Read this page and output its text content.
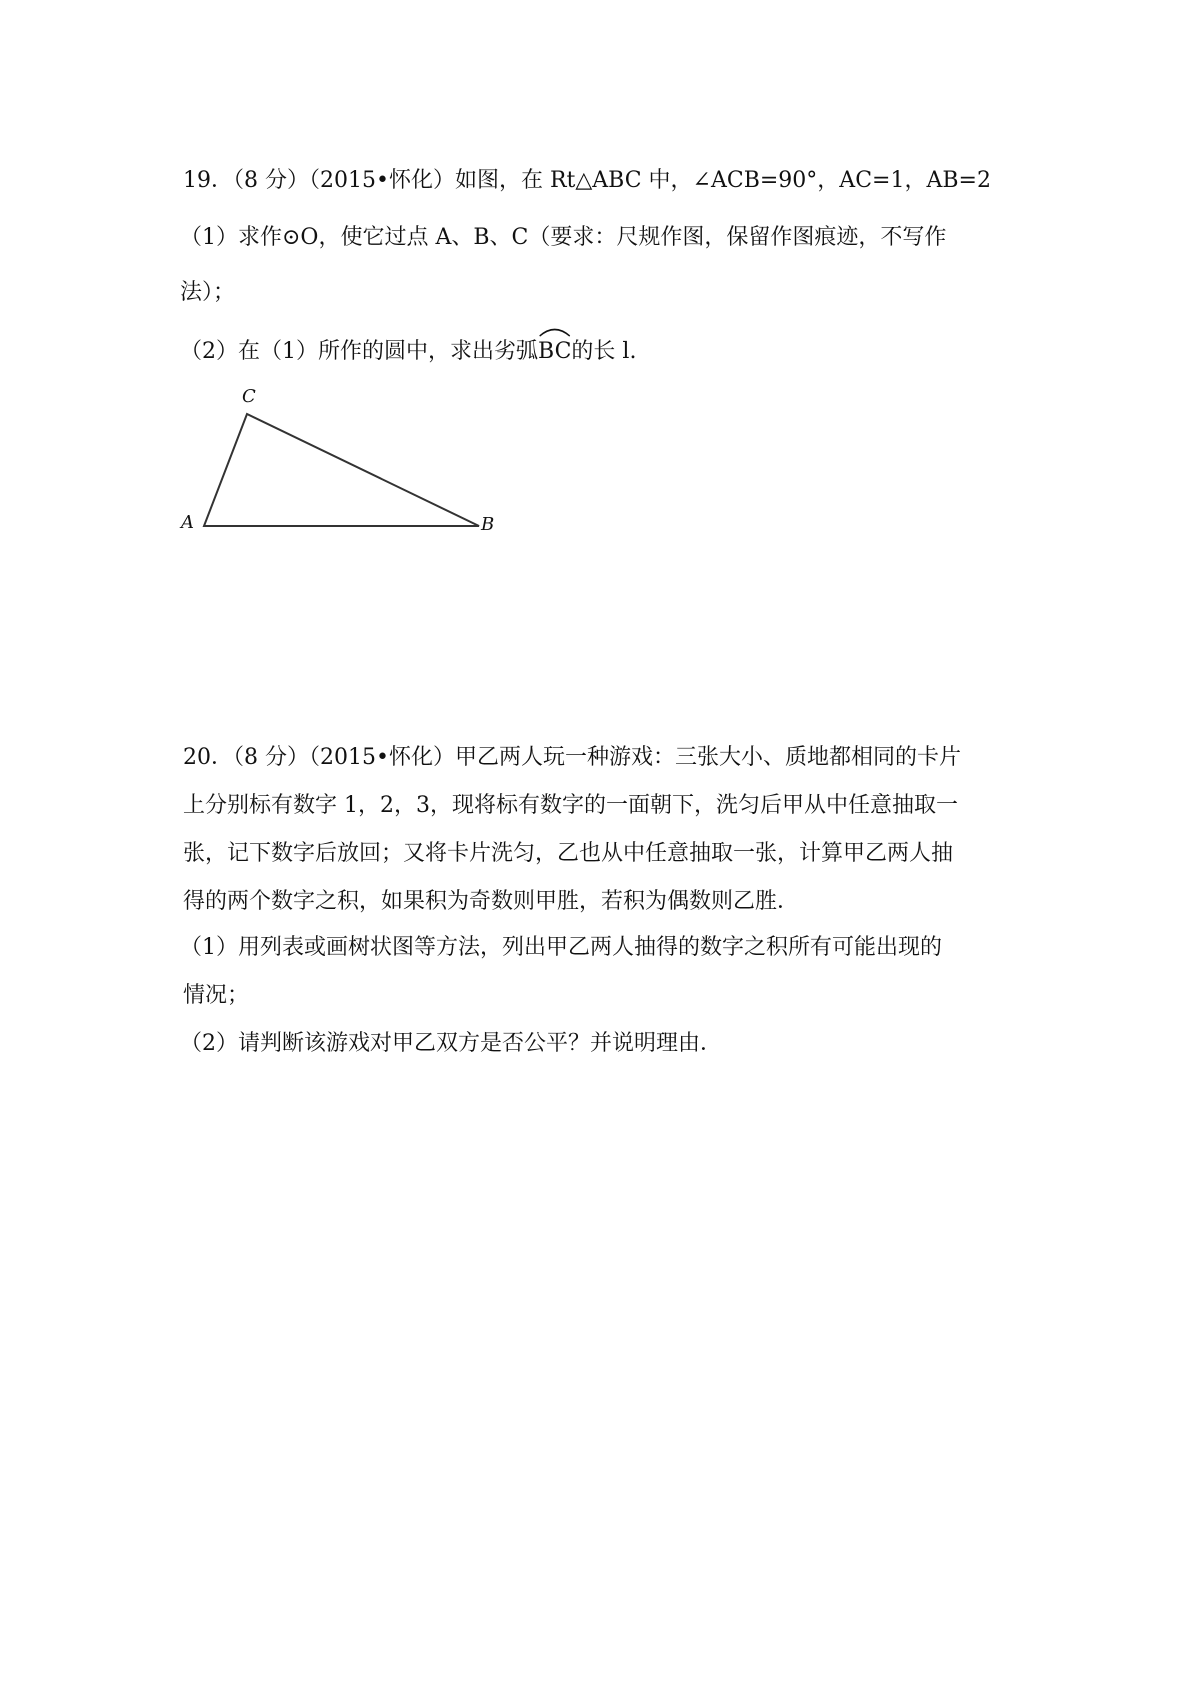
19．（8 分）（2015•怀化）如图，在 Rt△ABC 中，∠ACB=90°，AC=1，AB=2
（1）求作⊙O，使它过点 A、B、C（要求：尺规作图，保留作图痕迹，不写作
法）；
（2）在（1）所作的圆中，求出劣弧
BC的长 l.
A	B
C
20．（8 分）（2015•怀化）甲乙两人玩一种游戏：三张大小、质地都相同的卡片
上分别标有数字 1，2，3，现将标有数字的一面朝下，洗匀后甲从中任意抽取一
张，记下数字后放回；又将卡片洗匀，乙也从中任意抽取一张，计算甲乙两人抽
得的两个数字之积，如果积为奇数则甲胜，若积为偶数则乙胜．
（1）用列表或画树状图等方法，列出甲乙两人抽得的数字之积所有可能出现的
情况；
（2）请判断该游戏对甲乙双方是否公平？并说明理由．
